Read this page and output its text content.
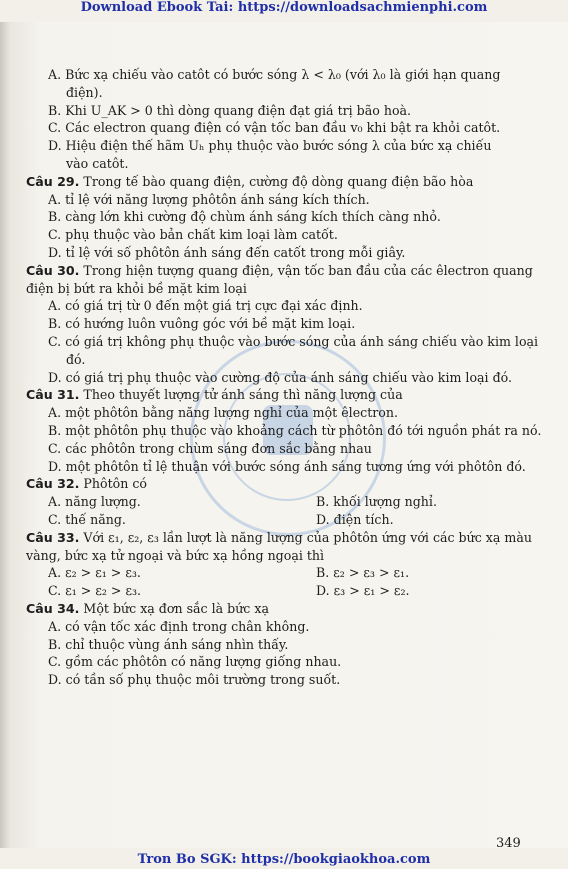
Download Ebook Tai: https://downloadsachmienphi.com
A. Bức xạ chiếu vào catôt có bước sóng λ < λ₀ (với λ₀ là giới hạn quang
điện).
B. Khi U_AK > 0 thì dòng quang điện đạt giá trị bão hoà.
C. Các electron quang điện có vận tốc ban đầu v₀ khi bật ra khỏi catôt.
D. Hiệu điện thế hãm Uₕ phụ thuộc vào bước sóng λ của bức xạ chiếu
vào catôt.
Câu 29. Trong tế bào quang điện, cường độ dòng quang điện bão hòa
A. tỉ lệ với năng lượng phôtôn ánh sáng kích thích.
B. càng lớn khi cường độ chùm ánh sáng kích thích càng nhỏ.
C. phụ thuộc vào bản chất kim loại làm catốt.
D. tỉ lệ với số phôtôn ánh sáng đến catốt trong mỗi giây.
Câu 30. Trong hiện tượng quang điện, vận tốc ban đầu của các êlectron quang điện bị bứt ra khỏi bề mặt kim loại
A. có giá trị từ 0 đến một giá trị cực đại xác định.
B. có hướng luôn vuông góc với bề mặt kim loại.
C. có giá trị không phụ thuộc vào bước sóng của ánh sáng chiếu vào kim loại đó.
D. có giá trị phụ thuộc vào cường độ của ánh sáng chiếu vào kim loại đó.
Câu 31. Theo thuyết lượng tử ánh sáng thì năng lượng của
A. một phôtôn bằng năng lượng nghỉ của một êlectron.
B. một phôtôn phụ thuộc vào khoảng cách từ phôtôn đó tới nguồn phát ra nó.
C. các phôtôn trong chùm sáng đơn sắc bằng nhau
D. một phôtôn tỉ lệ thuận với bước sóng ánh sáng tương ứng với phôtôn đó.
Câu 32. Phôtôn có
A. năng lượng.	B. khối lượng nghỉ.
C. thế năng.	D. điện tích.
Câu 33. Với ε₁, ε₂, ε₃ lần lượt là năng lượng của phôtôn ứng với các bức xạ màu vàng, bức xạ tử ngoại và bức xạ hồng ngoại thì
A. ε₂ > ε₁ > ε₃.	B. ε₂ > ε₃ > ε₁.
C. ε₁ > ε₂ > ε₃.	D. ε₃ > ε₁ > ε₂.
Câu 34. Một bức xạ đơn sắc là bức xạ
A. có vận tốc xác định trong chân không.
B. chỉ thuộc vùng ánh sáng nhìn thấy.
C. gồm các phôtôn có năng lượng giống nhau.
D. có tần số phụ thuộc môi trường trong suốt.
349
Tron Bo SGK: https://bookgiaokhoa.com
